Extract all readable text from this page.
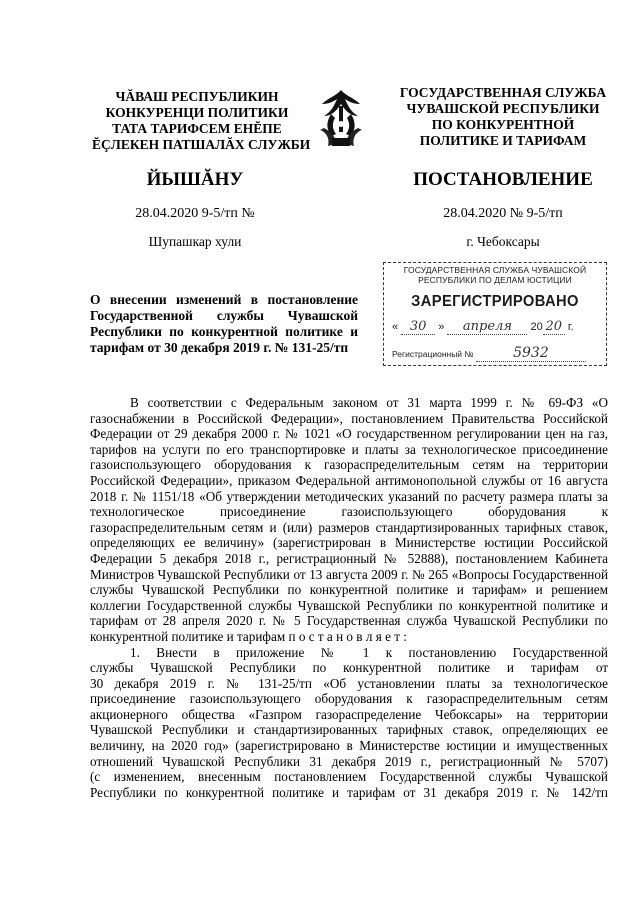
ЧĂВАШ РЕСПУБЛИКИН
КОНКУРЕНЦИ ПОЛИТИКИ
ТАТА ТАРИФСЕМ ЕНĔПЕ
ĔÇЛЕКЕН ПАТШАЛĂХ СЛУЖБИ
ГОСУДАРСТВЕННАЯ СЛУЖБА
ЧУВАШСКОЙ РЕСПУБЛИКИ
ПО КОНКУРЕНТНОЙ
ПОЛИТИКЕ И ТАРИФАМ
ЙЫШĂНУ	ПОСТАНОВЛЕНИЕ
28.04.2020 9-5/тп №	28.04.2020 № 9-5/тп
Шупашкар хули	г. Чебоксары
ГОСУДАРСТВЕННАЯ СЛУЖБА ЧУВАШСКОЙ
РЕСПУБЛИКИ ПО ДЕЛАМ ЮСТИЦИИ
ЗАРЕГИСТРИРОВАНО
« 30 » апреля 20 20 г.
Регистрационный №	5932
О внесении изменений в постановление
Государственной службы Чувашской
Республики по конкурентной политике и
тарифам от 30 декабря 2019 г. № 131-25/тп
В соответствии с Федеральным законом от 31 марта 1999 г. № 69-ФЗ «О
газоснабжении в Российской Федерации», постановлением Правительства Российской
Федерации от 29 декабря 2000 г. № 1021 «О государственном регулировании цен на газ,
тарифов на услуги по его транспортировке и платы за технологическое присоединение
газоиспользующего оборудования к газораспределительным сетям на территории
Российской Федерации», приказом Федеральной антимонопольной службы от 16 августа
2018 г. № 1151/18 «Об утверждении методических указаний по расчету размера платы за
технологическое присоединение газоиспользующего оборудования к
газораспределительным сетям и (или) размеров стандартизированных тарифных ставок,
определяющих ее величину» (зарегистрирован в Министерстве юстиции Российской
Федерации 5 декабря 2018 г., регистрационный № 52888), постановлением Кабинета
Министров Чувашской Республики от 13 августа 2009 г. № 265 «Вопросы Государственной
службы Чувашской Республики по конкурентной политике и тарифам» и решением
коллегии Государственной службы Чувашской Республики по конкурентной политике и
тарифам от 28 апреля 2020 г. № 5 Государственная служба Чувашской Республики по
конкурентной политике и тарифам п о с т а н о в л я е т :
1. Внести в приложение № 1 к постановлению Государственной
службы Чувашской Республики по конкурентной политике и тарифам от
30 декабря 2019 г. № 131-25/тп «Об установлении платы за технологическое
присоединение газоиспользующего оборудования к газораспределительным сетям
акционерного общества «Газпром газораспределение Чебоксары» на территории
Чувашской Республики и стандартизированных тарифных ставок, определяющих ее
величину, на 2020 год» (зарегистрировано в Министерстве юстиции и имущественных
отношений Чувашской Республики 31 декабря 2019 г., регистрационный № 5707)
(с изменением, внесенным постановлением Государственной службы Чувашской
Республики по конкурентной политике и тарифам от 31 декабря 2019 г. № 142/тп
